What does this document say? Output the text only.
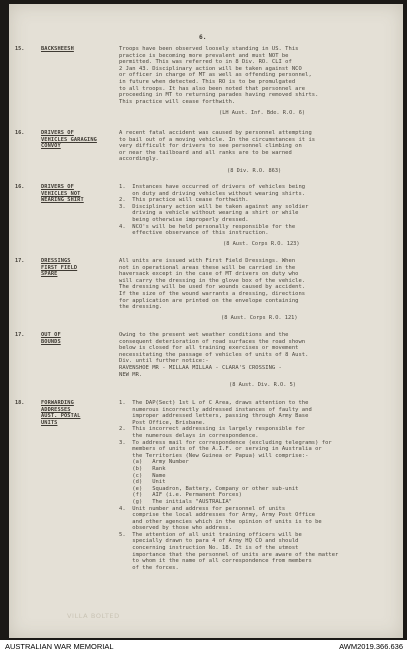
6.
15.	BACKSHEESH	Troops have been observed loosely standing in US. This
practice is becoming more prevalent and must NOT be
permitted. This was referred to in 8 Div. RO. CLI of
2 Jan 43. Disciplinary action will be taken against NCO
or officer in charge of MT as well as offending personnel,
in future when detected. This RO is to be promulgated
to all troops. It has also been noted that personnel are
proceeding in MT to returning parades having removed shirts.
This practice will cease forthwith.
(LH Aust. Inf. Bde. R.O. 6)
16.	DRIVERS OF
VEHICLES GARAGING
CONVOY
A recent fatal accident was caused by personnel attempting
to bail out of a moving vehicle. In the circumstances it is
very difficult for drivers to see personnel climbing on
or near the tailboard and all ranks are to be warned
accordingly.
(8 Div. R.O. 863)
16.	DRIVERS OF
VEHICLES NOT
WEARING SHIRT
1.  Instances have occurred of drivers of vehicles being
on duty and driving vehicles without wearing shirts.
2.  This practice will cease forthwith.
3.  Disciplinary action will be taken against any soldier
driving a vehicle without wearing a shirt or while
being otherwise improperly dressed.
4.  NCO's will be held personally responsible for the
effective observance of this instruction.
(8 Aust. Corps R.O. 123)
17.	DRESSINGS
FIRST FIELD
SPARE
All units are issued with First Field Dressings. When
not in operational areas these will be carried in the
haversack except in the case of MT drivers on duty who
will carry the dressing in the glove box of the vehicle.
The dressing will be used for wounds caused by accident.
If the size of the wound warrants a dressing, directions
for application are printed on the envelope containing
the dressing.
(8 Aust. Corps R.O. 121)
17.	OUT OF
BOUNDS
Owing to the present wet weather conditions and the
consequent deterioration of road surfaces the road shown
below is closed for all training exercises or movement
necessitating the passage of vehicles of units of 8 Aust.
Div. until further notice:-
RAVENSHOE MR - MILLAA MILLAA - CLARA'S CROSSING -
NEW MR.
(8 Aust. Div. R.O. 5)
18.	FORWARDING
ADDRESSES
AUST. POSTAL
UNITS
1.  The DAP(Sect) 1st L of C Area, draws attention to the
numerous incorrectly addressed instances of faulty and
improper addressed letters, passing through Army Base
Post Office, Brisbane.
2.  This incorrect addressing is largely responsible for
the numerous delays in correspondence.
3.  To address mail for correspondence (excluding telegrams) for
members of units of the A.I.F. or serving in Australia or
the Territories (New Guinea or Papua) will comprise:-
(a)   Army Number
(b)   Rank
(c)   Name
(d)   Unit
(e)   Squadron, Battery, Company or other sub-unit
(f)   AIF (i.e. Permanent Forces)
(g)   The initials "AUSTRALIA"
4.  Unit number and address for personnel of units
comprise the local addresses for Army, Army Post Office
and other agencies which in the opinion of units is to be
observed by those who address.
5.  The attention of all unit training officers will be
specially drawn to para 4 of Army HQ CO and should
concerning instruction No. 18. It is of the utmost
importance that the personnel of units are aware of the matter
to whom it the name of all correspondence from members
of the forces.
VILLA BOLTED
AUSTRALIAN WAR MEMORIAL	AWM2019.366.636
